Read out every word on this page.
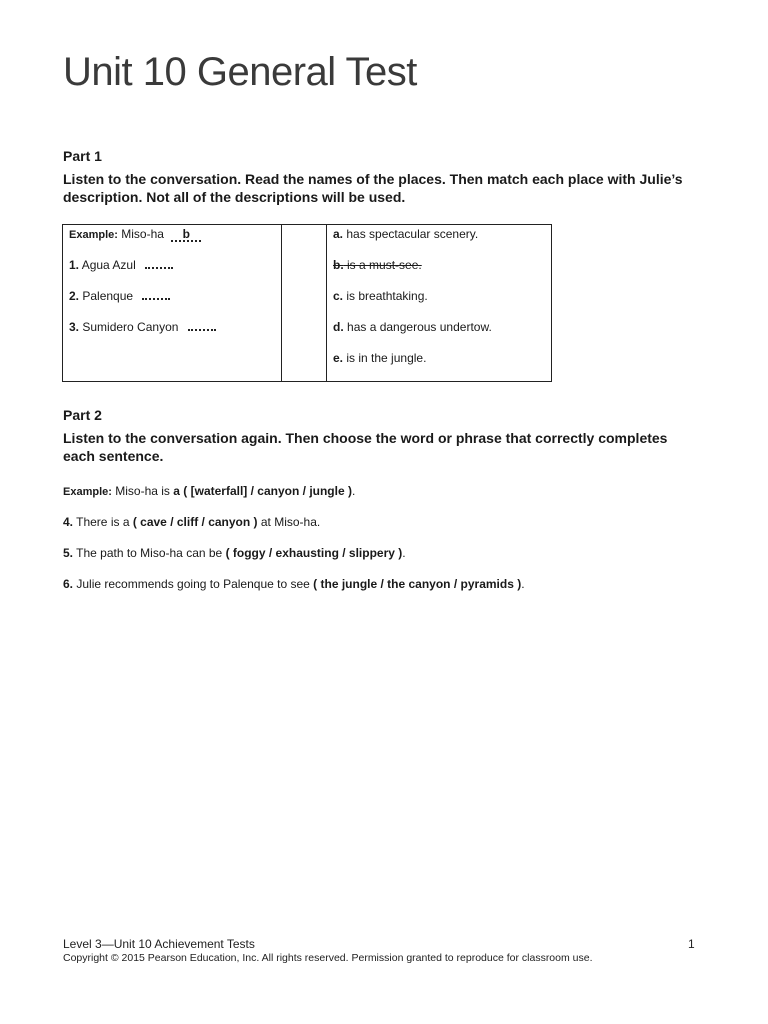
Unit 10 General Test

Part 1

Listen to the conversation. Read the names of the places. Then match each place with Julie’s description. Not all of the descriptions will be used.

Example: Miso-ha b
1. Agua Azul
2. Palenque
3. Sumidero Canyon

a. has spectacular scenery.
b. is a must-see.
c. is breathtaking.
d. has a dangerous undertow.
e. is in the jungle.

Part 2

Listen to the conversation again. Then choose the word or phrase that correctly completes each sentence.

Example: Miso-ha is a ( [waterfall] / canyon / jungle ).

4. There is a ( cave / cliff / canyon ) at Miso-ha.

5. The path to Miso-ha can be ( foggy / exhausting / slippery ).

6. Julie recommends going to Palenque to see ( the jungle / the canyon / pyramids ).

Level 3—Unit 10 Achievement Tests	1

Copyright © 2015 Pearson Education, Inc. All rights reserved. Permission granted to reproduce for classroom use.
